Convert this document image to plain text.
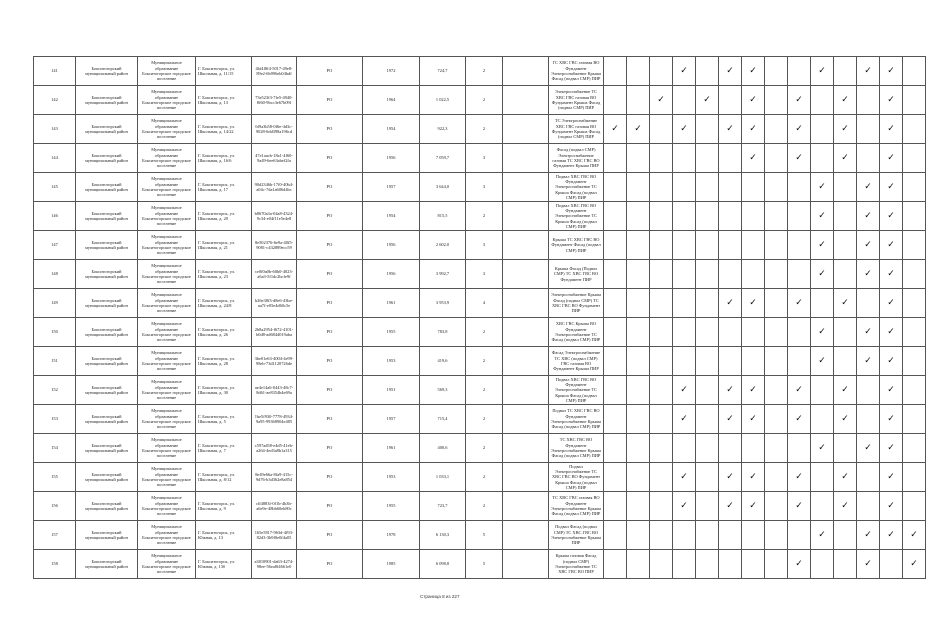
141	Бокситогорский муниципальный район	Муниципальное образование Бокситогорское городское поселение	Г. Бокситогорск, ул. Школьная, д. 11/15	4bf4f8f4-5017-49e8-89e2-6b996eb04bdf	РО	1972	724,7	2		ГС ХВС ГВС газовая ВО Фундамент Электроснабжение Крыша Фасад (подвал СМР) ПИР				✓		✓	✓			✓		✓	✓	
142	Бокситогорский муниципальный район	Муниципальное образование Бокситогорское городское поселение	Г. Бокситогорск, ул. Школьная, д. 13	73e523f3-7fe5-4940-8f60-9bcc3e67b09f	РО	1964	1 022,5	2		Электроснабжение ТС ХВС ГВС газовая ВО Фундамент Крыша Фасад (подвал СМР) ПИР			✓		✓		✓		✓		✓		✓	
143	Бокситогорский муниципальный район	Муниципальное образование Бокситогорское городское поселение	Г. Бокситогорск, ул. Школьная, д. 14/22	6f9a3b58-0f6e-4d3c-9028-6dd398a196cd	РО	1954	922,3	2		ТС Электроснабжение ХВС ГВС газовая ВО Фундамент Крыша Фасад (подвал СМР) ПИР	✓	✓		✓		✓	✓		✓		✓		✓	
144	Бокситогорский муниципальный район	Муниципальное образование Бокситогорское городское поселение	Г. Бокситогорск, ул. Школьная, д. 16/6	47e1aacb-18a1-4f60-9a49-6ee63abef2fa	РО	1956	7 059,7	3		Фасад (подвал СМР) Электроснабжение газовая ТС ХВС ГВС ВО Фундамент Крыша ПИР							✓		✓		✓		✓	
145	Бокситогорский муниципальный район	Муниципальное образование Бокситогорское городское поселение	Г. Бокситогорск, ул. Школьная, д. 17	90d2346b-17f0-40b4-a04c-7da1a606d4bc	РО	1957	3 644,0	3		Подвал ХВС ГВС ВО Фундамент Электроснабжение ТС Крыша Фасад (подвал СМР) ПИР										✓		✓	✓	
146	Бокситогорский муниципальный район	Муниципальное образование Бокситогорское городское поселение	Г. Бокситогорск, ул. Школьная, д. 20	b8670a3a-04a8-4324-9c34-e04f11e5e4e8	РО	1954	815,5	2		Подвал ХВС ГВС ВО Фундамент Электроснабжение ТС Крыша Фасад (подвал СМР) ПИР										✓		✓	✓	
147	Бокситогорский муниципальный район	Муниципальное образование Бокситогорское городское поселение	Г. Бокситогорск, ул. Школьная, д. 21	8e502376-6e9a-40f5-9081-c432889ecc59	РО	1956	2 602,0	3		Крыша ТС ХВС ГВС ВО Фундамент Фасад (подвал СМР) ПИР										✓		✓	✓	
148	Бокситогорский муниципальный район	Муниципальное образование Бокситогорское городское поселение	Г. Бокситогорск, ул. Школьная, д. 23	ce0f0a0b-60b0-4023-a6a3-5f1dc2bcfe9f	РО	1956	3 992,7	3		Крыша Фасад (Подвал СМР) ТС ХВС ГВС ВО Фундамент ПИР										✓		✓	✓	
149	Бокситогорский муниципальный район	Муниципальное образование Бокситогорское городское поселение	Г. Бокситогорск, ул. Школьная, д. 24/8	b26e38f3-d8e6-43be-aa7f-e05e4d60c5e	РО	1961	3 953,9	4		Электроснабжение Крыша Фасад (подвал СМР) ТС ХВС ГВС ВО Фундамент ПИР						✓	✓		✓		✓		✓	
150	Бокситогорский муниципальный район	Муниципальное образование Бокситогорское городское поселение	Г. Бокситогорск, ул. Школьная, д. 26	2b8a2954-f672-4101-b0d8-ad6844019aba	РО	1955	783,8	2		ХВС ГВС Крыша ВО Фундамент Электроснабжение ТС Фасад (подвал СМР) ПИР										✓		✓	✓	
151	Бокситогорский муниципальный район	Муниципальное образование Бокситогорское городское поселение	Г. Бокситогорск, ул. Школьная, д. 28	3be01e63-4004-4e99-98eb-73d1120726de	РО	1953	419,6	2		Фасад Электроснабжение ТС ХВС (подвал СМР) ГВС газовая ВО Фундамент Крыша ПИР										✓		✓	✓	
152	Бокситогорский муниципальный район	Муниципальное образование Бокситогорское городское поселение	Г. Бокситогорск, ул. Школьная, д. 30	ae4e14a6-0443-48c7-8d61-ae8354b4e69a	РО	1951	569,3	2		Подвал ХВС ГВС ВО Фундамент Электроснабжение ТС Крыша Фасад (подвал СМР) ПИР				✓		✓	✓		✓		✓		✓	
153	Бокситогорский муниципальный район	Муниципальное образование Бокситогорское городское поселение	Г. Бокситогорск, ул. Школьная, д. 5	1be5f930-7778-4934-9a95-99368904e485	РО	1957	715,4	2		Подвал ТС ХВС ГВС ВО Фундамент Электроснабжение Крыша Фасад (подвал СМР) ПИР				✓		✓	✓		✓		✓		✓	
154	Бокситогорский муниципальный район	Муниципальное образование Бокситогорское городское поселение	Г. Бокситогорск, ул. Школьная, д. 7	c597ad58-e4d5-41eb-a264-4ed3a8b1a315	РО	1961	400,6	2		ТС ХВС ГВС ВО Фундамент Электроснабжение Крыша Фасад (подвал СМР) ПИР										✓		✓	✓	
155	Бокситогорский муниципальный район	Муниципальное образование Бокситогорское городское поселение	Г. Бокситогорск, ул. Школьная, д. 8/12	8e49e66a-8fa9-415c-9d76-b3d362e8a854	РО	1953	1 033,1	2		Подвал Электроснабжение ТС ХВС ГВС ВО Фундамент Крыша Фасад (подвал СМР) ПИР				✓		✓	✓		✓		✓		✓	
156	Бокситогорский муниципальный район	Муниципальное образование Бокситогорское городское поселение	Г. Бокситогорск, ул. Школьная, д. 9	cff4883f-0f1b-4b3b-a6e9e-48bb60eb80c	РО	1955	723,7	2		ТС ХВС ГВС газовая ВО Фундамент Электроснабжение Крыша Фасад (подвал СМР) ПИР				✓		✓	✓		✓		✓		✓	
157	Бокситогорский муниципальный район	Муниципальное образование Бокситогорское городское поселение	Г. Бокситогорск, ул. Южная, д. 13	165e5817-963d-4f93-82d3-3b9f0e0f4a05	РО	1978	6 130,3	5		Подвал Фасад (подвал СМР) ТС ХВС ГВС ВО Электроснабжение Крыша ПИР										✓		✓	✓	✓
158	Бокситогорский муниципальный район	Муниципальное образование Бокситогорское городское поселение	Г. Бокситогорск, ул. Южная, д. 13б	a3810901-da63-4274-98ee-56ea8f4661e0	РО	1985	6 098,8	5		Крыша газовая Фасад (подвал СМР) Электроснабжение ТС ХВС ГВС ВО ПИР									✓			✓		✓
Страница 8 из 227
